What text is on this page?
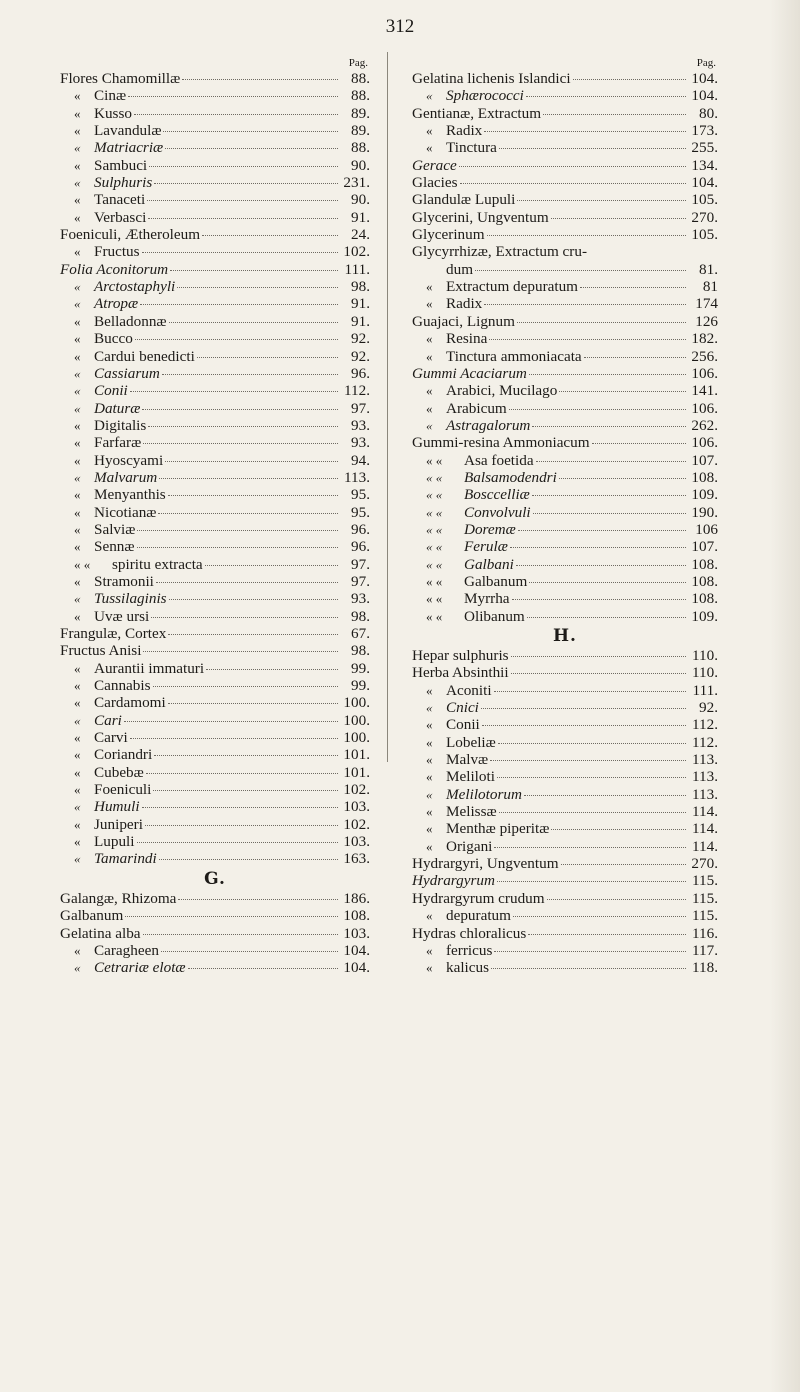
312
Pag.
Flores Chamomillæ	88.
« Cinæ	88.
« Kusso	89.
« Lavandulæ	89.
« Matriacriæ	88.
« Sambuci	90.
« Sulphuris	231.
« Tanaceti	90.
« Verbasci	91.
Foeniculi, Ætheroleum	24.
« Fructus	102.
Folia Aconitorum	111.
« Arctostaphyli	98.
« Atropæ	91.
« Belladonnæ	91.
« Bucco	92.
« Cardui benedicti	92.
« Cassiarum	96.
« Conii	112.
« Daturæ	97.
« Digitalis	93.
« Farfaræ	93.
« Hyoscyami	94.
« Malvarum	113.
« Menyanthis	95.
« Nicotianæ	95.
« Salviæ	96.
« Sennæ	96.
« « spiritu extracta	97.
« Stramonii	97.
« Tussilaginis	93.
« Uvæ ursi	98.
Frangulæ, Cortex	67.
Fructus Anisi	98.
« Aurantii immaturi	99.
« Cannabis	99.
« Cardamomi	100.
« Cari	100.
« Carvi	100.
« Coriandri	101.
« Cubebæ	101.
« Foeniculi	102.
« Humuli	103.
« Juniperi	102.
« Lupuli	103.
« Tamarindi	163.
G.
Galangæ, Rhizoma	186.
Galbanum	108.
Gelatina alba	103.
« Caragheen	104.
« Cetrariæ elotæ	104.
Pag.
Gelatina lichenis Islandici	104.
« Sphærococci	104.
Gentianæ, Extractum	80.
« Radix	173.
« Tinctura	255.
Gerace	134.
Glacies	104.
Glandulæ Lupuli	105.
Glycerini, Ungventum	270.
Glycerinum	105.
Glycyrrhizæ, Extractum cru-
dum	81.
« Extractum depuratum	81
« Radix	174
Guajaci, Lignum	126
« Resina	182.
« Tinctura ammoniacata	256.
Gummi Acaciarum	106.
« Arabici, Mucilago	141.
« Arabicum	106.
« Astragalorum	262.
Gummi-resina Ammoniacum	106.
« « Asa foetida	107.
« « Balsamodendri	108.
« « Bosccelliæ	109.
« « Convolvuli	190.
« « Doremæ	106
« « Ferulæ	107.
« « Galbani	108.
« « Galbanum	108.
« « Myrrha	108.
« « Olibanum	109.
H.
Hepar sulphuris	110.
Herba Absinthii	110.
« Aconiti	111.
« Cnici	92.
« Conii	112.
« Lobeliæ	112.
« Malvæ	113.
« Meliloti	113.
« Melilotorum	113.
« Melissæ	114.
« Menthæ piperitæ	114.
« Origani	114.
Hydrargyri, Ungventum	270.
Hydrargyrum	115.
Hydrargyrum crudum	115.
« depuratum	115.
Hydras chloralicus	116.
« ferricus	117.
« kalicus	118.
